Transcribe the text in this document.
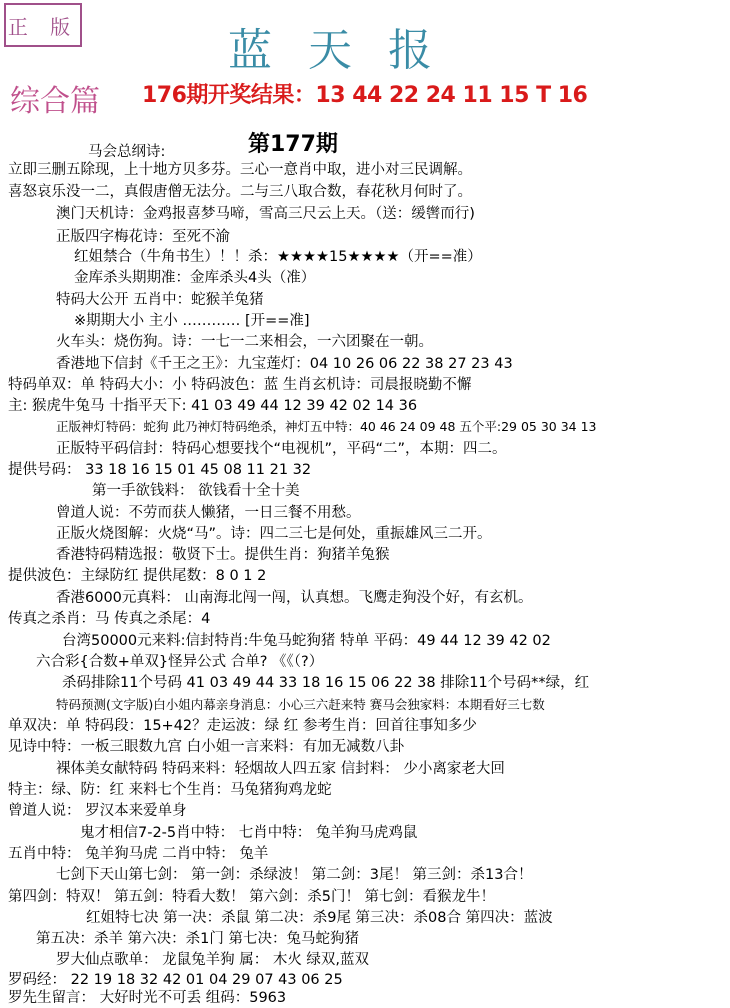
正 版	蓝天报
综合篇 176期开奖结果：13 44 22 24 11 15 T 16
第177期
马会总纲诗:
立即三删五除现，上十地方贝多芬。三心一意肖中取，进小对三民调解。
喜怒哀乐没一二，真假唐僧无法分。二与三八取合数，春花秋月何时了。
澳门天机诗：金鸡报喜梦马啼，雪高三尺云上天。（送：缓辔而行)
正版四字梅花诗：至死不渝
红姐禁合（牛角书生）！！杀：★★★★15★★★★（开==准）
金库杀头期期准：金库杀头4头（准）
特码大公开 五肖中：蛇猴羊兔猪
※期期大小 主小 ………… [开==准]
火车头：烧伤狗。诗：一七一二来相会，一六团聚在一朝。
香港地下信封《千王之王》：九宝莲灯：04 10 26 06 22 38 27 23 43
特码单双：单 特码大小：小 特码波色：蓝 生肖玄机诗：司晨报晓勤不懈
主: 猴虎牛兔马 十指平天下: 41 03 49 44 12 39 42 02 14 36
正版神灯特码：蛇狗 此乃神灯特码绝杀，神灯五中特：40 46 24 09 48 五个平:29 05 30 34 13
正版特平码信封：特码心想要找个“电视机”，平码“二”，本期：四二。
提供号码： 33 18 16 15 01 45 08 11 21 32
第一手欲钱料： 欲钱看十全十美
曾道人说：不劳而获人懒猪，一日三餐不用愁。
正版火烧图解：火烧“马”。诗：四二三七是何处，重振雄风三二开。
香港特码精选报：敬贤下士。提供生肖：狗猪羊兔猴
提供波色：主绿防红 提供尾数：8 0 1 2
香港6000元真料： 山南海北闯一闯，认真想。飞鹰走狗没个好，有玄机。
传真之杀肖：马 传真之杀尾：4
台湾50000元来料:信封特肖:牛兔马蛇狗猪 特单 平码：49 44 12 39 42 02
六合彩{合数+单双}怪异公式 合单? 《《（?）
杀码排除11个号码 41 03 49 44 33 18 16 15 06 22 38 排除11个号码**绿，红
特码预测(文字版)白小姐内幕亲身消息：小心三六赶来特 赛马会独家料：本期看好三七数
单双决：单 特码段：15+42？走运波：绿 红 参考生肖：回首往事知多少
见诗中特：一板三眼数九宫 白小姐一言来料：有加无减数八卦
裸体美女献特码 特码来料：轻烟故人四五家 信封料： 少小离家老大回
特主：绿、防：红 来料七个生肖：马兔猪狗鸡龙蛇
曾道人说： 罗汉本来爱单身
鬼才相信7-2-5肖中特： 七肖中特： 兔羊狗马虎鸡鼠
五肖中特： 兔羊狗马虎 二肖中特： 兔羊
七剑下天山第七剑： 第一剑：杀绿波！ 第二剑：3尾！ 第三剑：杀13合！
第四剑：特双！ 第五剑：特看大数！ 第六剑：杀5门！ 第七剑：看猴龙牛！
红姐特七决 第一决：杀鼠 第二决：杀9尾 第三决：杀08合 第四决：蓝波
第五决：杀羊 第六决：杀1门 第七决：兔马蛇狗猪
罗大仙点歌单： 龙鼠兔羊狗 属： 木火 绿双,蓝双
罗码经： 22 19 18 32 42 01 04 29 07 43 06 25
罗先生留言： 大好时光不可丢 组码：5963
